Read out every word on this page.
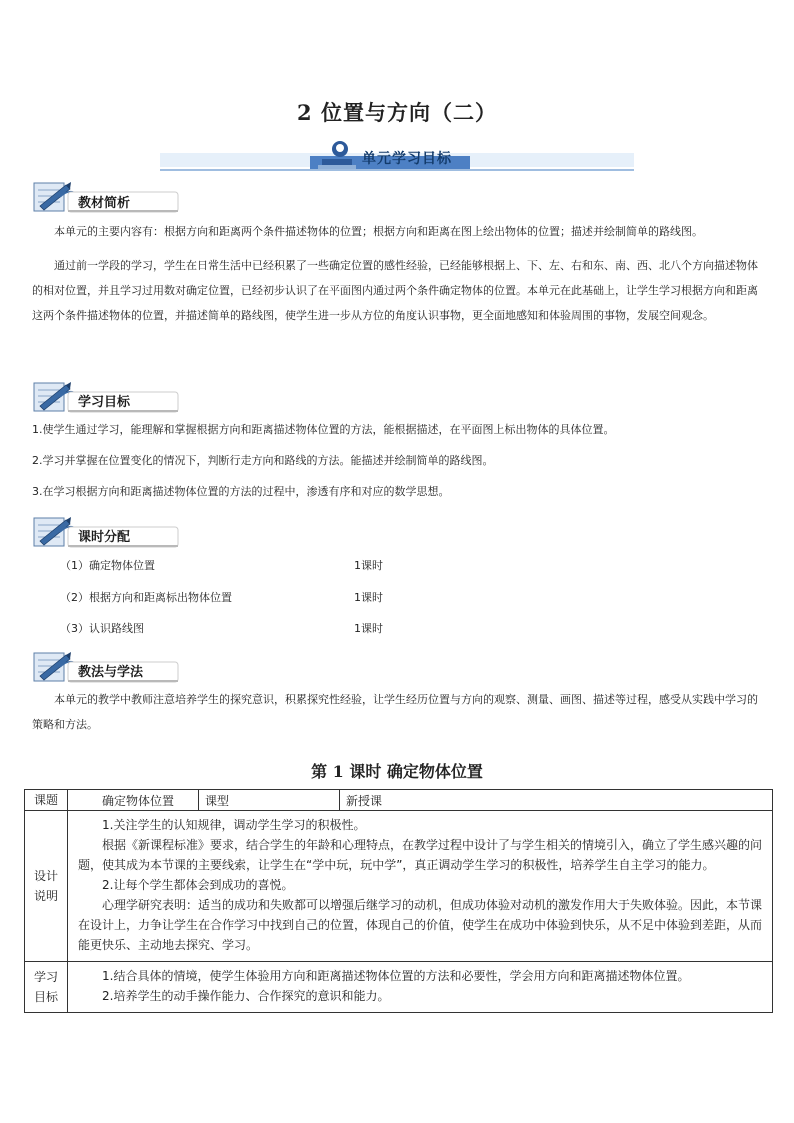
2 位置与方向（二）
单元学习目标
教材简析
本单元的主要内容有：根据方向和距离两个条件描述物体的位置；根据方向和距离在图上绘出物体的位置；描述并绘制简单的路线图。
通过前一学段的学习，学生在日常生活中已经积累了一些确定位置的感性经验，已经能够根据上、下、左、右和东、南、西、北八个方向描述物体的相对位置，并且学习过用数对确定位置，已经初步认识了在平面图内通过两个条件确定物体的位置。本单元在此基础上，让学生学习根据方向和距离这两个条件描述物体的位置，并描述简单的路线图，使学生进一步从方位的角度认识事物，更全面地感知和体验周围的事物，发展空间观念。
学习目标
1.使学生通过学习，能理解和掌握根据方向和距离描述物体位置的方法，能根据描述，在平面图上标出物体的具体位置。
2.学习并掌握在位置变化的情况下，判断行走方向和路线的方法。能描述并绘制简单的路线图。
3.在学习根据方向和距离描述物体位置的方法的过程中，渗透有序和对应的数学思想。
课时分配
（1）确定物体位置	1课时
（2）根据方向和距离标出物体位置	1课时
（3）认识路线图	1课时
教法与学法
本单元的教学中教师注意培养学生的探究意识，积累探究性经验，让学生经历位置与方向的观察、测量、画图、描述等过程，感受从实践中学习的策略和方法。
第 1 课时 确定物体位置
课题	确定物体位置	课型	新授课
设计说明	1.关注学生的认知规律，调动学生学习的积极性。

根据《新课程标准》要求，结合学生的年龄和心理特点，在教学过程中设计了与学生相关的情境引入，确立了学生感兴趣的问题，使其成为本节课的主要线索，让学生在“学中玩，玩中学”，真正调动学生学习的积极性，培养学生自主学习的能力。

2.让每个学生都体会到成功的喜悦。

心理学研究表明：适当的成功和失败都可以增强后继学习的动机，但成功体验对动机的激发作用大于失败体验。因此，本节课在设计上，力争让学生在合作学习中找到自己的位置，体现自己的价值，使学生在成功中体验到快乐，从不足中体验到差距，从而能更快乐、主动地去探究、学习。		

学习目标	1.结合具体的情境，使学生体验用方向和距离描述物体位置的方法和必要性，学会用方向和距离描述物体位置。

2.培养学生的动手操作能力、合作探究的意识和能力。		
